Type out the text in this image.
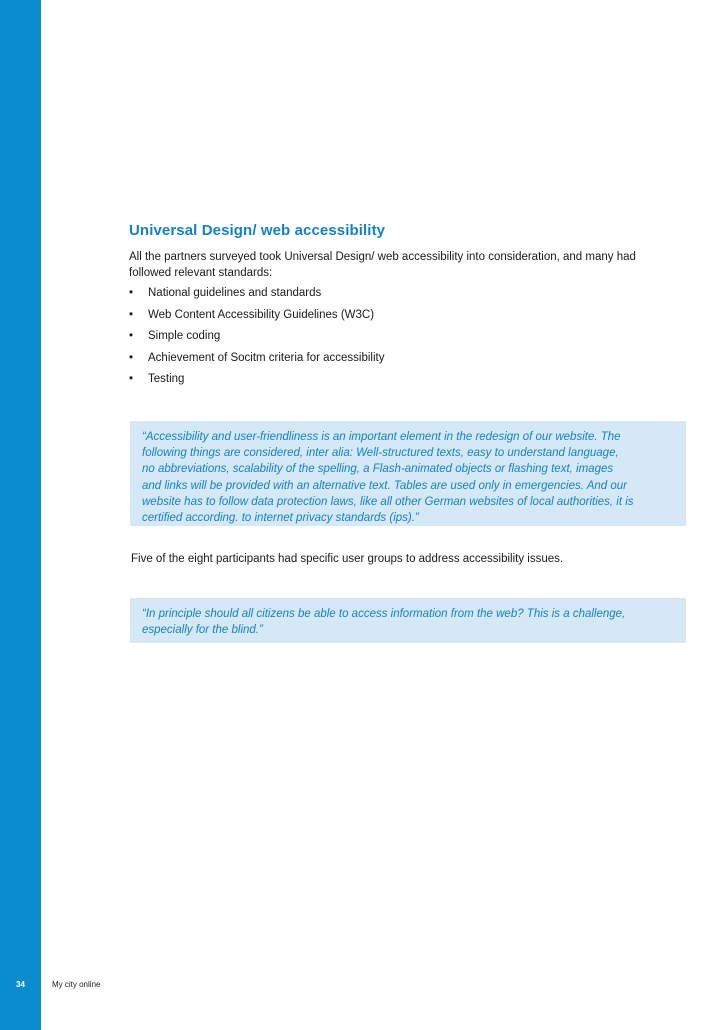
34	My city online
Universal Design/ web accessibility

All the partners surveyed took Universal Design/ web accessibility into consideration, and many had
followed relevant standards:

• National guidelines and standards
• Web Content Accessibility Guidelines (W3C)
• Simple coding
• Achievement of Socitm criteria for accessibility
• Testing

“Accessibility and user-friendliness is an important element in the redesign of our website. The
following things are considered, inter alia: Well-structured texts, easy to understand language,
no abbreviations, scalability of the spelling, a Flash-animated objects or flashing text, images
and links will be provided with an alternative text. Tables are used only in emergencies. And our
website has to follow data protection laws, like all other German websites of local authorities, it is
certified according. to internet privacy standards (ips).”

Five of the eight participants had specific user groups to address accessibility issues.

“In principle should all citizens be able to access information from the web? This is a challenge,
especially for the blind.”
